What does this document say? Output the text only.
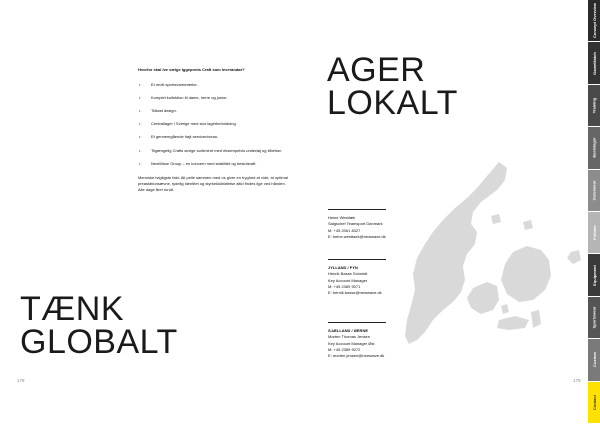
Hvorfor skal Ive vælge Iggepreds Craft som leverandør?
• Et multi sportsvaremærke.
• Komplet kollektion til dame, herre og junior.
• Tidløst design.
• Centrallager i Sverige med stor lagerbeholdning.
• Et gennemgående højt serviceniveau.
• Tilgængelig Crafts øvrige sortiment med eksempelvis undertøj og tilbehør.
• NewWave Group – en koncern med stabilitet og beslutkraft.
Mennske tvigtigste fakt: Alt pelle sammen med os giver en tryghed at vide, at optimal preastationsævne, tydelig identitet og styrkeklubfølelse altid findes lige ved hånden. Alle dage året rundt.
TÆNK
GLOBALT
178
AGER
LOKALT
Heine Westtæk
Salgschef Teamsport Danmark
M: +45 2061 8327
E: heine.westtaek@newwave.dk
JYLLAND / FYN
Henrik Basse Schmidt
Key Account Manager
M: +45 2389 9071
E: henrik.basse@newwave.dk
SJÆLLAND / ØERNE
Morten Thomas Jensen
Key Account Manager Øst
M: +45 2389 9072
E: morten.jensen@newwave.dk
179
Concept Overview
GameMatch
Training
Basislager
Outerwear
Fritimer
Equipment
Sportswear
Custom
Contact
